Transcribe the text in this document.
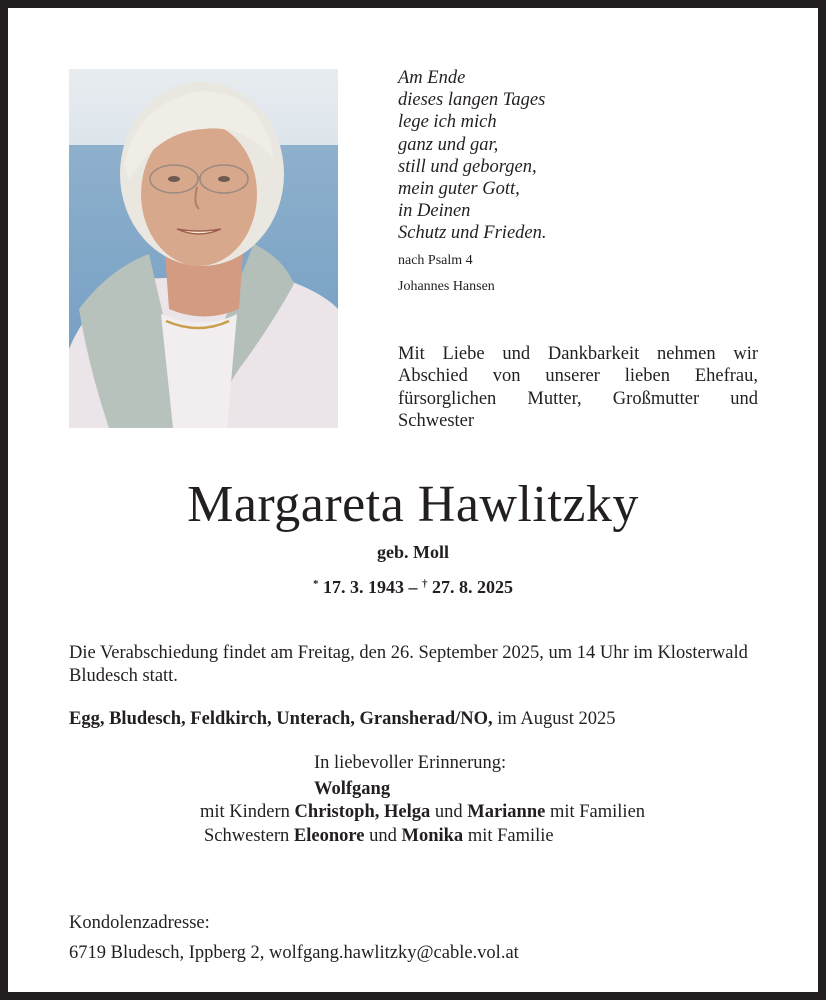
Am Ende
dieses langen Tages
lege ich mich
ganz und gar,
still und geborgen,
mein guter Gott,
in Deinen
Schutz und Frieden.
nach Psalm 4
Johannes Hansen
Mit Liebe und Dankbarkeit nehmen wir Abschied von unserer lieben Ehefrau, fürsorglichen Mutter, Großmutter und Schwester
Margareta Hawlitzky
geb. Moll
* 17. 3. 1943 – † 27. 8. 2025
Die Verabschiedung findet am Freitag, den 26. September 2025, um 14 Uhr im Klosterwald Bludesch statt.
Egg, Bludesch, Feldkirch, Unterach, Gransherad/NO, im August 2025
In liebevoller Erinnerung:
Wolfgang
mit Kindern Christoph, Helga und Marianne mit Familien
Schwestern Eleonore und Monika mit Familie
Kondolenzadresse:
6719 Bludesch, Ippberg 2, wolfgang.hawlitzky@cable.vol.at
